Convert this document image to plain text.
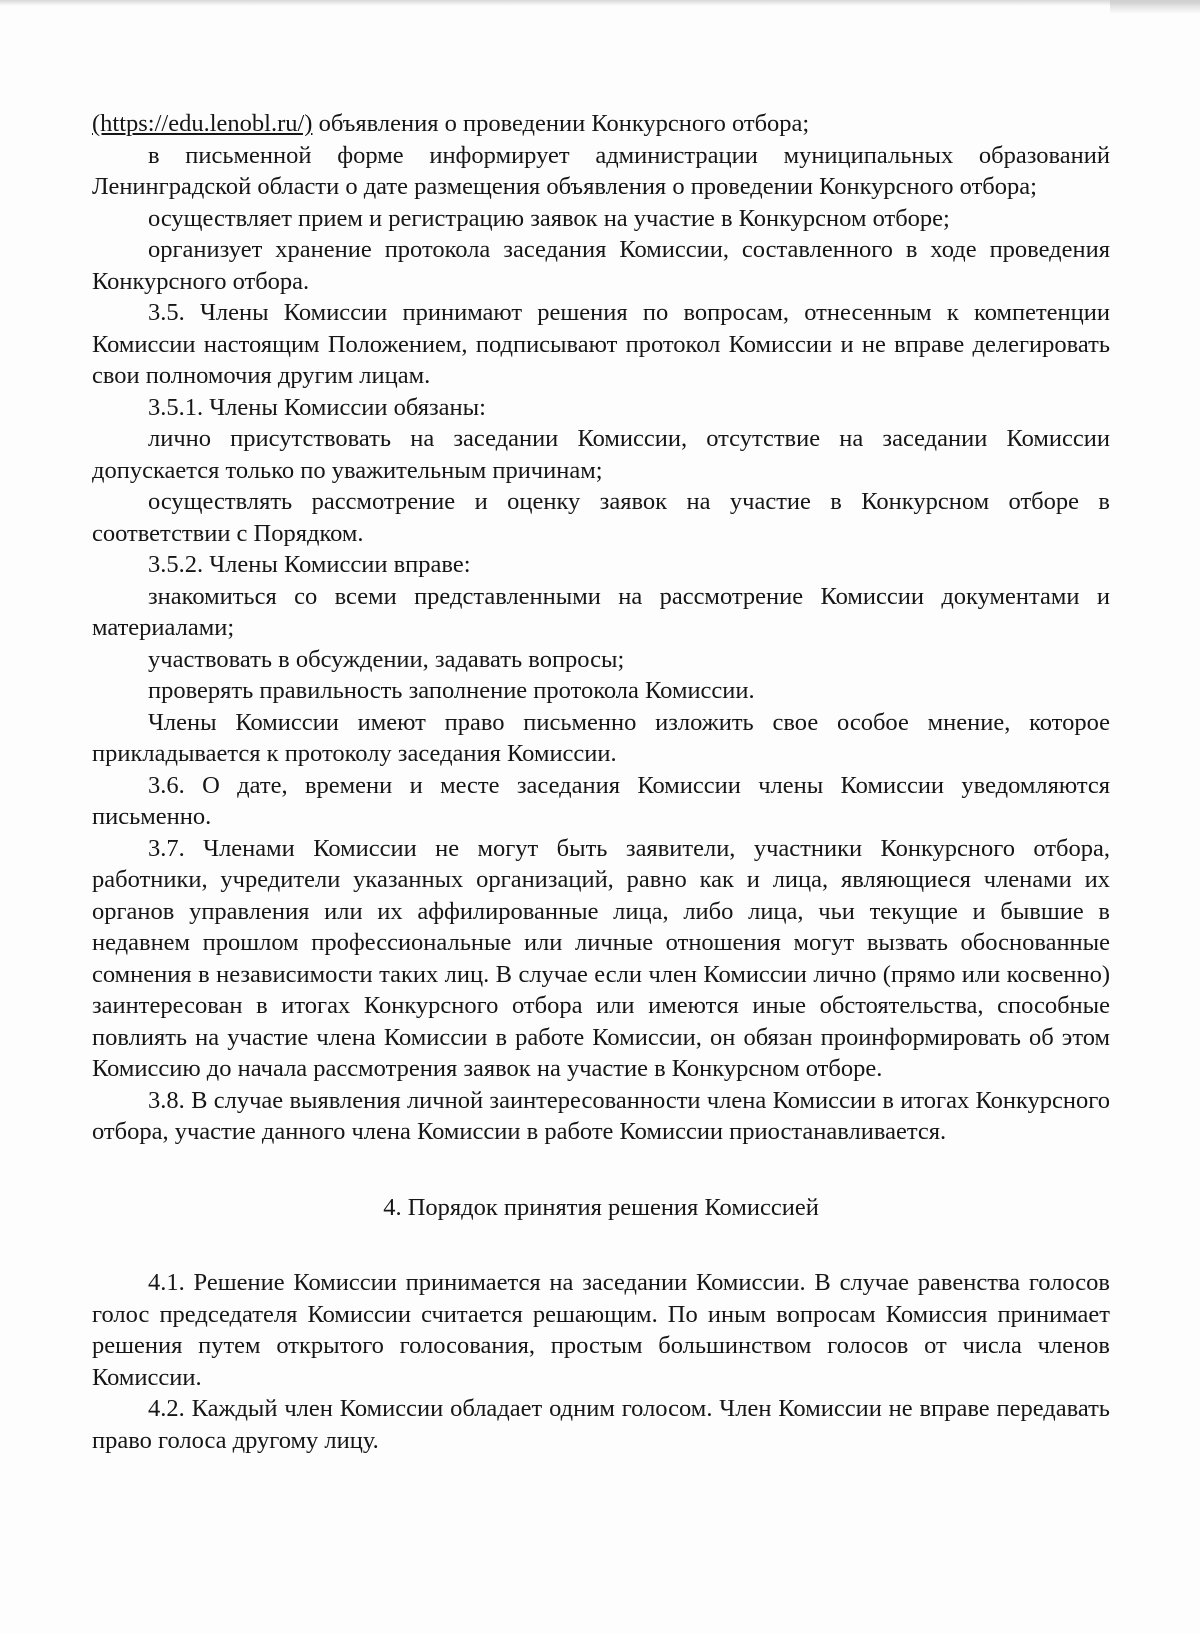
(https://edu.lenobl.ru/) объявления о проведении Конкурсного отбора;

в письменной форме информирует администрации муниципальных образований Ленинградской области о дате размещения объявления о проведении Конкурсного отбора;

осуществляет прием и регистрацию заявок на участие в Конкурсном отборе;

организует хранение протокола заседания Комиссии, составленного в ходе проведения Конкурсного отбора.

3.5. Члены Комиссии принимают решения по вопросам, отнесенным к компетенции Комиссии настоящим Положением, подписывают протокол Комиссии и не вправе делегировать свои полномочия другим лицам.

3.5.1. Члены Комиссии обязаны:

лично присутствовать на заседании Комиссии, отсутствие на заседании Комиссии допускается только по уважительным причинам;

осуществлять рассмотрение и оценку заявок на участие в Конкурсном отборе в соответствии с Порядком.

3.5.2. Члены Комиссии вправе:

знакомиться со всеми представленными на рассмотрение Комиссии документами и материалами;

участвовать в обсуждении, задавать вопросы;

проверять правильность заполнение протокола Комиссии.

Члены Комиссии имеют право письменно изложить свое особое мнение, которое прикладывается к протоколу заседания Комиссии.

3.6. О дате, времени и месте заседания Комиссии члены Комиссии уведомляются письменно.

3.7. Членами Комиссии не могут быть заявители, участники Конкурсного отбора, работники, учредители указанных организаций, равно как и лица, являющиеся членами их органов управления или их аффилированные лица, либо лица, чьи текущие и бывшие в недавнем прошлом профессиональные или личные отношения могут вызвать обоснованные сомнения в независимости таких лиц. В случае если член Комиссии лично (прямо или косвенно) заинтересован в итогах Конкурсного отбора или имеются иные обстоятельства, способные повлиять на участие члена Комиссии в работе Комиссии, он обязан проинформировать об этом Комиссию до начала рассмотрения заявок на участие в Конкурсном отборе.

3.8. В случае выявления личной заинтересованности члена Комиссии в итогах Конкурсного отбора, участие данного члена Комиссии в работе Комиссии приостанавливается.

4. Порядок принятия решения Комиссией

4.1. Решение Комиссии принимается на заседании Комиссии. В случае равенства голосов голос председателя Комиссии считается решающим. По иным вопросам Комиссия принимает решения путем открытого голосования, простым большинством голосов от числа членов Комиссии.

4.2. Каждый член Комиссии обладает одним голосом. Член Комиссии не вправе передавать право голоса другому лицу.
